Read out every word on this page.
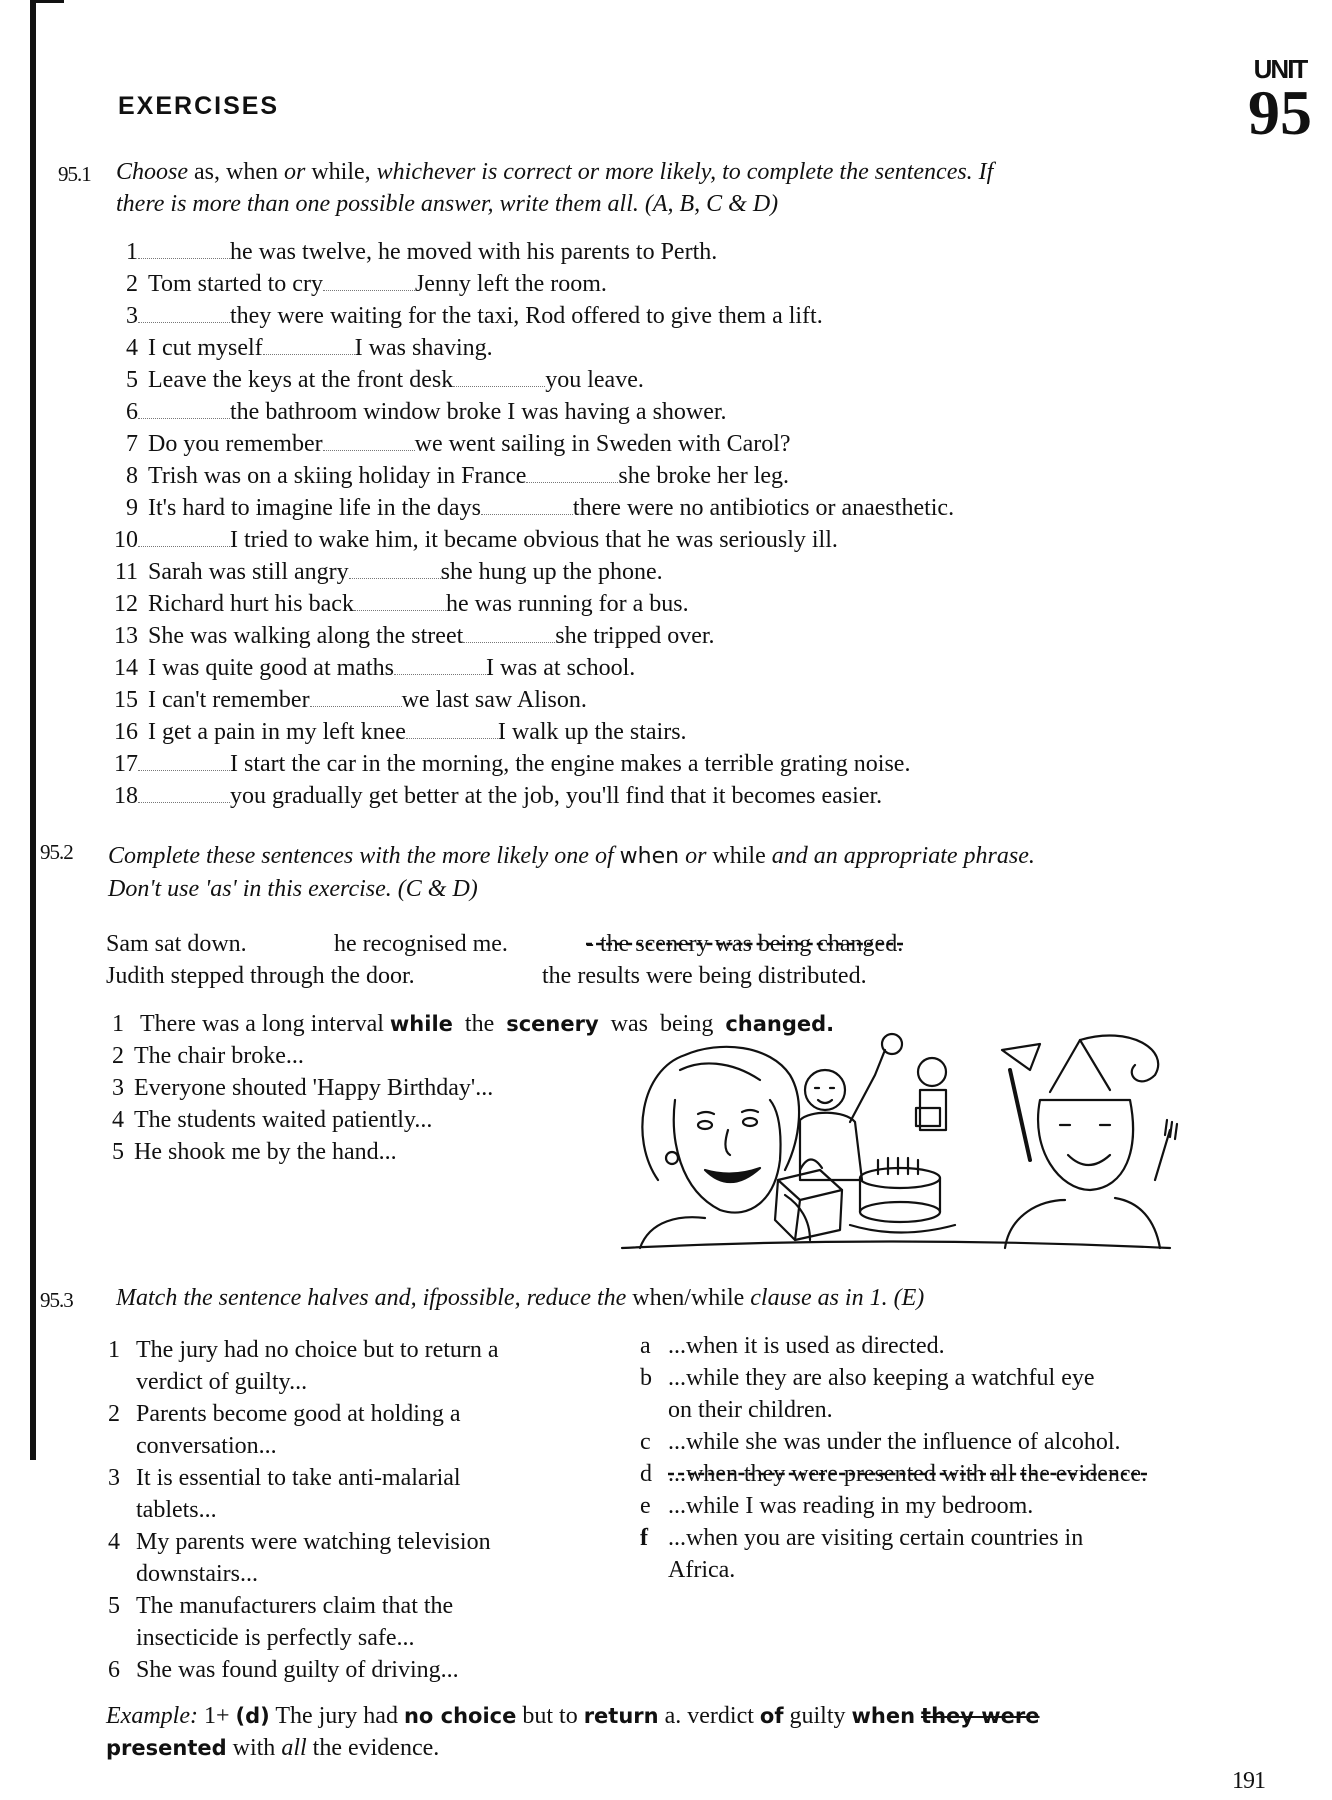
EXERCISES
UNIT
95
95.1 Choose as, when or while, whichever is correct or more likely, to complete the sentences. If
there is more than one possible answer, write them all. (A, B, C & D)
1	he was twelve, he moved with his parents to Perth.
2 Tom started to cry	Jenny left the room.
3	they were waiting for the taxi, Rod offered to give them a lift.
4 I cut myself	I was shaving.
5 Leave the keys at the front desk	you leave.
6	the bathroom window broke I was having a shower.
7 Do you remember	we went sailing in Sweden with Carol?
8 Trish was on a skiing holiday in France	she broke her leg.
9 It's hard to imagine life in the days	there were no antibiotics or anaesthetic.
10	I tried to wake him, it became obvious that he was seriously ill.
11 Sarah was still angry	she hung up the phone.
12 Richard hurt his back	he was running for a bus.
13 She was walking along the street	she tripped over.
14 I was quite good at maths	I was at school.
15 I can't remember	we last saw Alison.
16 I get a pain in my left knee	I walk up the stairs.
17	I start the car in the morning, the engine makes a terrible grating noise.
18	you gradually get better at the job, you'll find that it becomes easier.
95.2 Complete these sentences with the more likely one of when or while and an appropriate phrase.
Don't use 'as' in this exercise. (C & D)
Sam sat down.	he recognised me.	- the scenery was being changed.
Judith stepped through the door.	the results were being distributed.
1 There was a long interval while the scenery was being changed.
2 The chair broke...
3 Everyone shouted 'Happy Birthday'...
4 The students waited patiently...
5 He shook me by the hand...
95.3 Match the sentence halves and, ifpossible, reduce the when/while clause as in 1. (E)
1 The jury had no choice but to return a
verdict of guilty...
2 Parents become good at holding a
conversation...
3 It is essential to take anti-malarial
tablets...
4 My parents were watching television
downstairs...
5 The manufacturers claim that the
insecticide is perfectly safe...
6 She was found guilty of driving...
a ...when it is used as directed.
b ...while they are also keeping a watchful eye
on their children.
c ...while she was under the influence of alcohol.
d ...when they were presented with all the evidence.
e ...while I was reading in my bedroom.
f ...when you are visiting certain countries in
Africa.
Example: 1+ (d) The jury had no choice but to return a. verdict of guilty when they were
presented with all the evidence.
191
